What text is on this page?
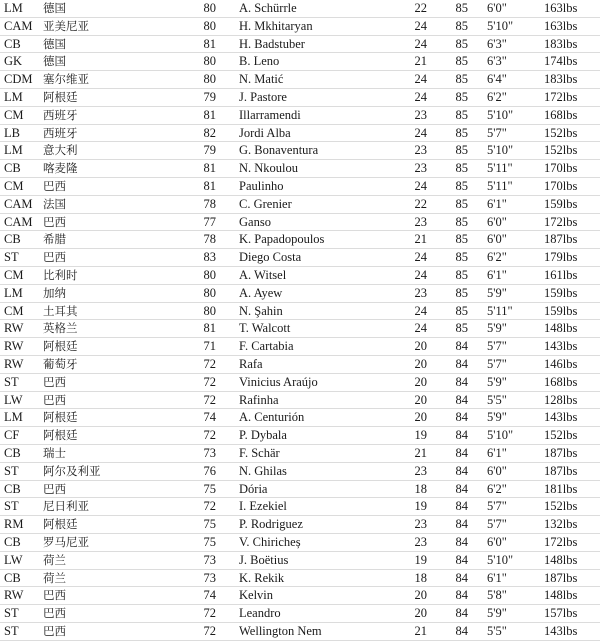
LM 德国	80 A. Schürrle	22	85 6'0"	163lbs
CAM 亚美尼亚	80 H. Mkhitaryan	24	85 5'10" 163lbs
CB 德国	81 H. Badstuber	24	85 6'3"	183lbs
GK 德国	80 B. Leno	21	85 6'3"	174lbs
CDM 塞尔维亚	80 N. Matić	24	85 6'4"	183lbs
LM 阿根廷	79 J. Pastore	24	85 6'2"	172lbs
CM 西班牙	81 Illarramendi	23	85 5'10" 168lbs
LB 西班牙	82 Jordi Alba	24	85 5'7"	152lbs
LM 意大利	79 G. Bonaventura	23	85 5'10" 152lbs
CB 喀麦隆	81 N. Nkoulou	23	85 5'11"	170lbs
CM 巴西	81 Paulinho	24	85 5'11"	170lbs
CAM 法国	78 C. Grenier	22	85 6'1"	159lbs
CAM 巴西	77 Ganso	23	85 6'0"	172lbs
CB 希腊	78 K. Papadopoulos	21	85 6'0"	187lbs
ST 巴西	83 Diego Costa	24	85 6'2"	179lbs
CM 比利时	80 A. Witsel	24	85 6'1"	161lbs
LM 加纳	80 A. Ayew	23	85 5'9"	159lbs
CM 土耳其	80 N. Şahin	24	85 5'11"	159lbs
RW 英格兰	81 T. Walcott	24	85 5'9"	148lbs
RW 阿根廷	71 F. Cartabia	20	84 5'7"	143lbs
RW 葡萄牙	72 Rafa	20	84 5'7"	146lbs
ST 巴西	72 Vinicius Araújo	20	84 5'9"	168lbs
LW 巴西	72 Rafinha	20	84 5'5"	128lbs
LM 阿根廷	74 A. Centurión	20	84 5'9"	143lbs
CF 阿根廷	72 P. Dybala	19	84 5'10" 152lbs
CB 瑞士	73 F. Schär	21	84 6'1"	187lbs
ST 阿尔及利亚	76 N. Ghilas	23	84 6'0"	187lbs
CB 巴西	75 Dória	18	84 6'2"	181lbs
ST 尼日利亚	72 I. Ezekiel	19	84 5'7"	152lbs
RM 阿根廷	75 P. Rodriguez	23	84 5'7"	132lbs
CB 罗马尼亚	75 V. Chiricheș	23	84 6'0"	172lbs
LW 荷兰	73 J. Boëtius	19	84 5'10" 148lbs
CB 荷兰	73 K. Rekik	18	84 6'1"	187lbs
RW 巴西	74 Kelvin	20	84 5'8"	148lbs
ST 巴西	72 Leandro	20	84 5'9"	157lbs
ST 巴西	72 Wellington Nem	21	84 5'5"	143lbs
